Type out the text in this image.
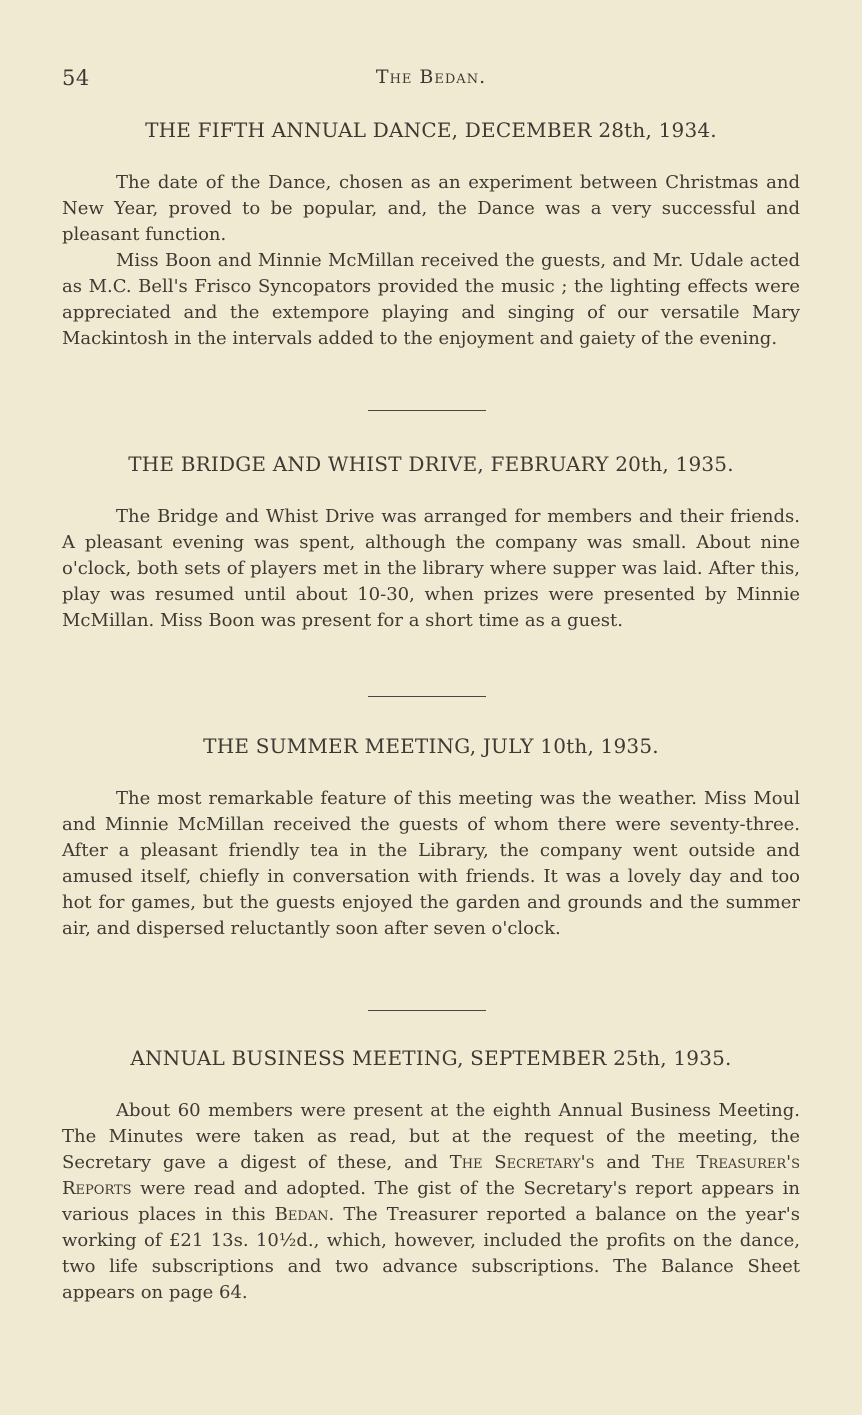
54	The Bedan.
THE FIFTH ANNUAL DANCE, DECEMBER 28th, 1934.

The date of the Dance, chosen as an experiment between Christmas and New Year, proved to be popular, and, the Dance was a very successful and pleasant function.

Miss Boon and Minnie McMillan received the guests, and Mr. Udale acted as M.C. Bell's Frisco Syncopators provided the music ; the lighting effects were appreciated and the extempore playing and singing of our versatile Mary Mackintosh in the intervals added to the enjoyment and gaiety of the evening.

THE BRIDGE AND WHIST DRIVE, FEBRUARY 20th, 1935.

The Bridge and Whist Drive was arranged for members and their friends. A pleasant evening was spent, although the company was small. About nine o'clock, both sets of players met in the library where supper was laid. After this, play was resumed until about 10-30, when prizes were presented by Minnie McMillan. Miss Boon was present for a short time as a guest.

THE SUMMER MEETING, JULY 10th, 1935.

The most remarkable feature of this meeting was the weather. Miss Moul and Minnie McMillan received the guests of whom there were seventy-three. After a pleasant friendly tea in the Library, the company went outside and amused itself, chiefly in conversation with friends. It was a lovely day and too hot for games, but the guests enjoyed the garden and grounds and the summer air, and dispersed reluctantly soon after seven o'clock.

ANNUAL BUSINESS MEETING, SEPTEMBER 25th, 1935.

About 60 members were present at the eighth Annual Business Meeting. The Minutes were taken as read, but at the request of the meeting, the Secretary gave a digest of these, and The Secretary's and The Treasurer's Reports were read and adopted. The gist of the Secretary's report appears in various places in this Bedan. The Treasurer reported a balance on the year's working of £21 13s. 10½d., which, however, included the profits on the dance, two life subscriptions and two advance subscriptions. The Balance Sheet appears on page 64.
